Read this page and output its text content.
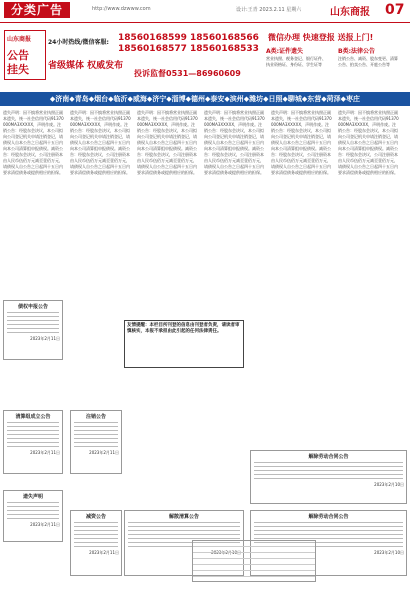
分类广告	http://www.dzwww.com	设计:王青 2023.2.11 星期六	山东商报 07
山东商报
公告
挂失
24小时热线/微信客服: 18560168599 18560168566
18560168577 18560168533
省级媒体 权威发布
投诉监督0531—86960609
微信办理 快速登报 送报上门!
A类:证件遗失
营业执照、税务登记、银行证件、执业资格证、身份证、学生证等
B类:法律公告
注销公告、减资、股东变更、清算公告、拍卖公告、开庭公告等
◆济南◆青岛◆烟台◆临沂◆威海◆济宁◆淄博◆德州◆泰安◆滨州◆潍坊◆日照◆聊城◆东营◆菏泽◆枣庄

遗失声明：因不慎将营业执照正副本遗失，统一社会信用代码91370000MA3XXXXX，声明作废。注销公告：经股东会决议，本公司拟向公司登记机关申请注销登记，请债权人自本公告之日起四十五日内向本公司清算组申报债权。减资公告：经股东会决议，公司注册资本由人民币伍佰万元减至壹佰万元，请债权人自公告之日起四十五日内要求清偿债务或提供相应的担保。

遗失声明：因不慎将营业执照正副本遗失，统一社会信用代码91370000MA3XXXXX，声明作废。注销公告：经股东会决议，本公司拟向公司登记机关申请注销登记，请债权人自本公告之日起四十五日内向本公司清算组申报债权。减资公告：经股东会决议，公司注册资本由人民币伍佰万元减至壹佰万元，请债权人自公告之日起四十五日内要求清偿债务或提供相应的担保。

遗失声明：因不慎将营业执照正副本遗失，统一社会信用代码91370000MA3XXXXX，声明作废。注销公告：经股东会决议，本公司拟向公司登记机关申请注销登记，请债权人自本公告之日起四十五日内向本公司清算组申报债权。减资公告：经股东会决议，公司注册资本由人民币伍佰万元减至壹佰万元，请债权人自公告之日起四十五日内要求清偿债务或提供相应的担保。

遗失声明：因不慎将营业执照正副本遗失，统一社会信用代码91370000MA3XXXXX，声明作废。注销公告：经股东会决议，本公司拟向公司登记机关申请注销登记，请债权人自本公告之日起四十五日内向本公司清算组申报债权。减资公告：经股东会决议，公司注册资本由人民币伍佰万元减至壹佰万元，请债权人自公告之日起四十五日内要求清偿债务或提供相应的担保。

遗失声明：因不慎将营业执照正副本遗失，统一社会信用代码91370000MA3XXXXX，声明作废。注销公告：经股东会决议，本公司拟向公司登记机关申请注销登记，请债权人自本公告之日起四十五日内向本公司清算组申报债权。减资公告：经股东会决议，公司注册资本由人民币伍佰万元减至壹佰万元，请债权人自公告之日起四十五日内要求清偿债务或提供相应的担保。

遗失声明：因不慎将营业执照正副本遗失，统一社会信用代码91370000MA3XXXXX，声明作废。注销公告：经股东会决议，本公司拟向公司登记机关申请注销登记，请债权人自本公告之日起四十五日内向本公司清算组申报债权。减资公告：经股东会决议，公司注册资本由人民币伍佰万元减至壹佰万元，请债权人自公告之日起四十五日内要求清偿债务或提供相应的担保。

债权申报公告
2023年2月11日
清算组成立公告
2023年2月11日
解散清算公告
2023年2月10日
解除劳动合同公告
2023年2月10日
解除劳动合同公告
2023年2月10日
遗失声明
2023年2月11日
注销公告
2023年2月11日
减资公告
2023年2月11日
友情提醒：本栏目所刊登的信息由刊登者负责，请读者审慎核实，本报不承担由此引起的任何法律责任。
